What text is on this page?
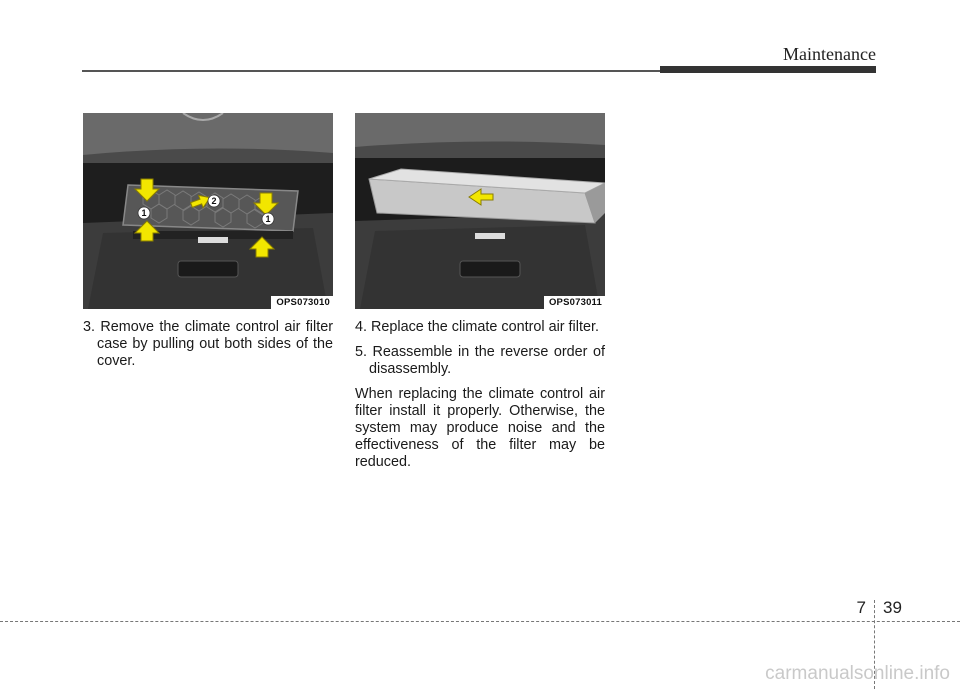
Maintenance
1
1
2
OPS073010	OPS073011

3. Remove the climate control air filter case by pulling out both sides of the cover.

4. Replace the climate control air filter.

5. Reassemble in the reverse order of disassembly.

When replacing the climate control air filter install it properly. Otherwise, the system may produce noise and the effectiveness of the filter may be reduced.

7 39
carmanualsonline.info
